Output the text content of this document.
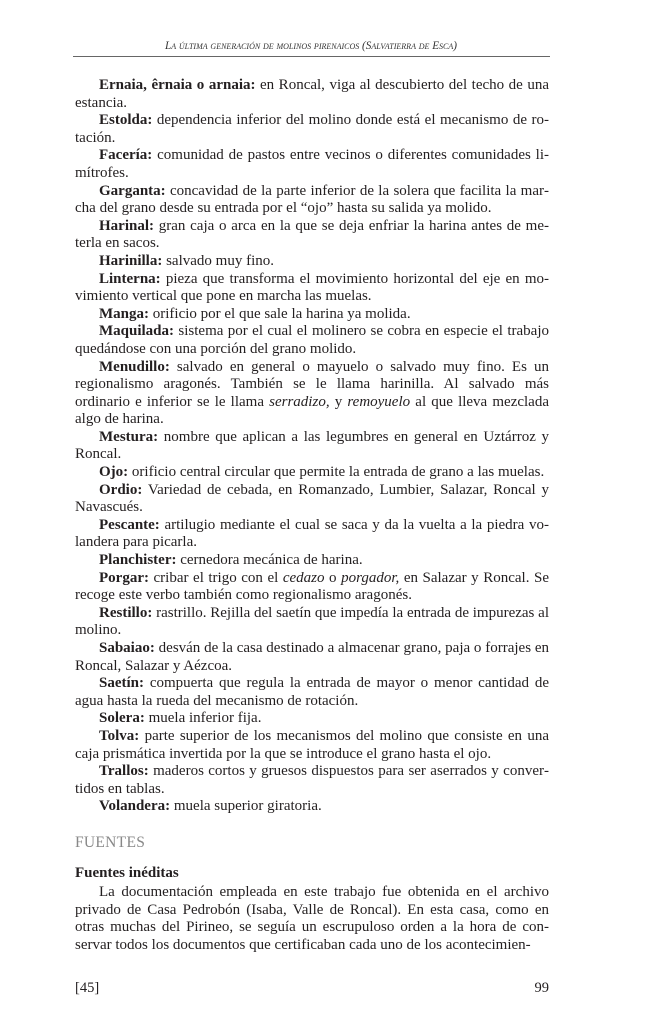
La última generación de molinos pirenaicos (Salvatierra de Esca)

Ernaia, êrnaia o arnaia: en Roncal, viga al descubierto del techo de una estancia.

Estolda: dependencia inferior del molino donde está el mecanismo de rotación.

Facería: comunidad de pastos entre vecinos o diferentes comunidades limítrofes.

Garganta: concavidad de la parte inferior de la solera que facilita la marcha del grano desde su entrada por el “ojo” hasta su salida ya molido.

Harinal: gran caja o arca en la que se deja enfriar la harina antes de meterla en sacos.

Harinilla: salvado muy fino.

Linterna: pieza que transforma el movimiento horizontal del eje en movimiento vertical que pone en marcha las muelas.

Manga: orificio por el que sale la harina ya molida.

Maquilada: sistema por el cual el molinero se cobra en especie el trabajo quedándose con una porción del grano molido.

Menudillo: salvado en general o mayuelo o salvado muy fino. Es un regionalismo aragonés. También se le llama harinilla. Al salvado más ordinario e inferior se le llama serradizo, y remoyuelo al que lleva mezclada algo de harina.

Mestura: nombre que aplican a las legumbres en general en Uztárroz y Roncal.

Ojo: orificio central circular que permite la entrada de grano a las muelas.

Ordio: Variedad de cebada, en Romanzado, Lumbier, Salazar, Roncal y Navascués.

Pescante: artilugio mediante el cual se saca y da la vuelta a la piedra volandera para picarla.

Planchister: cernedora mecánica de harina.

Porgar: cribar el trigo con el cedazo o porgador, en Salazar y Roncal. Se recoge este verbo también como regionalismo aragonés.

Restillo: rastrillo. Rejilla del saetín que impedía la entrada de impurezas al molino.

Sabaiao: desván de la casa destinado a almacenar grano, paja o forrajes en Roncal, Salazar y Aézcoa.

Saetín: compuerta que regula la entrada de mayor o menor cantidad de agua hasta la rueda del mecanismo de rotación.

Solera: muela inferior fija.

Tolva: parte superior de los mecanismos del molino que consiste en una caja prismática invertida por la que se introduce el grano hasta el ojo.

Trallos: maderos cortos y gruesos dispuestos para ser aserrados y convertidos en tablas.

Volandera: muela superior giratoria.

FUENTES
Fuentes inéditas

La documentación empleada en este trabajo fue obtenida en el archivo privado de Casa Pedrobón (Isaba, Valle de Roncal). En esta casa, como en otras muchas del Pirineo, se seguía un escrupuloso orden a la hora de conservar todos los documentos que certificaban cada uno de los acontecimien-

[45]	99
